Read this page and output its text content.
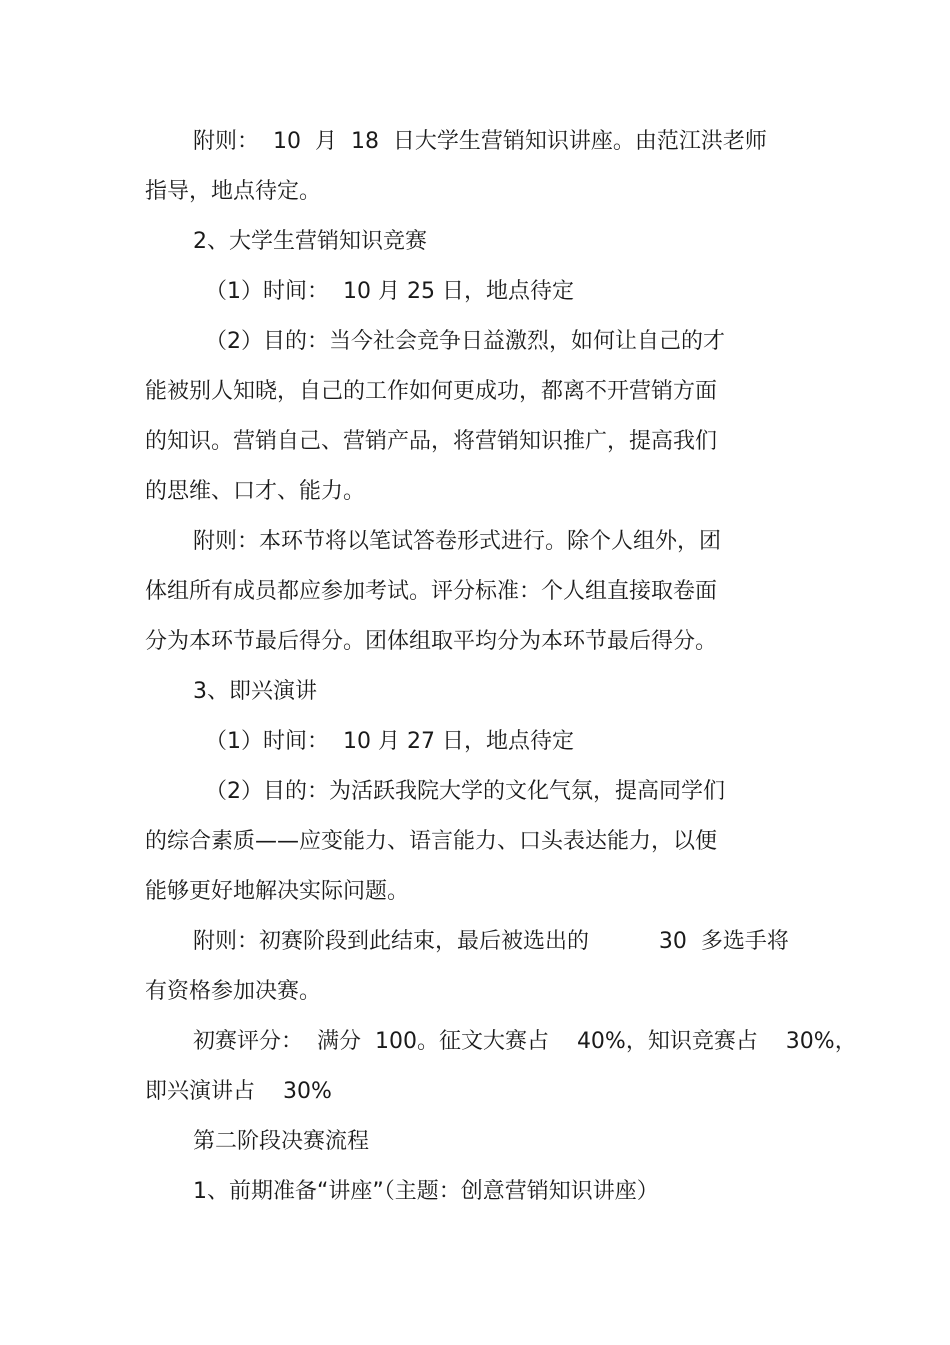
附则：  10  月  18  日大学生营销知识讲座。由范江洪老师
指导，地点待定。
2、大学生营销知识竞赛
（1）时间：  10 月 25 日，地点待定
（2）目的：当今社会竞争日益激烈，如何让自己的才
能被别人知晓，自己的工作如何更成功，都离不开营销方面
的知识。营销自己、营销产品，将营销知识推广，提高我们
的思维、口才、能力。
附则：本环节将以笔试答卷形式进行。除个人组外，团
体组所有成员都应参加考试。评分标准：个人组直接取卷面
分为本环节最后得分。团体组取平均分为本环节最后得分。
3、即兴演讲
（1）时间：  10 月 27 日，地点待定
（2）目的：为活跃我院大学的文化气氛，提高同学们
的综合素质——应变能力、语言能力、口头表达能力，以便
能够更好地解决实际问题。
附则：初赛阶段到此结束，最后被选出的          30  多选手将
有资格参加决赛。
初赛评分：  满分  100。征文大赛占    40%，知识竞赛占    30%，
即兴演讲占    30%
第二阶段决赛流程
1、前期准备“讲座”（主题：创意营销知识讲座）
